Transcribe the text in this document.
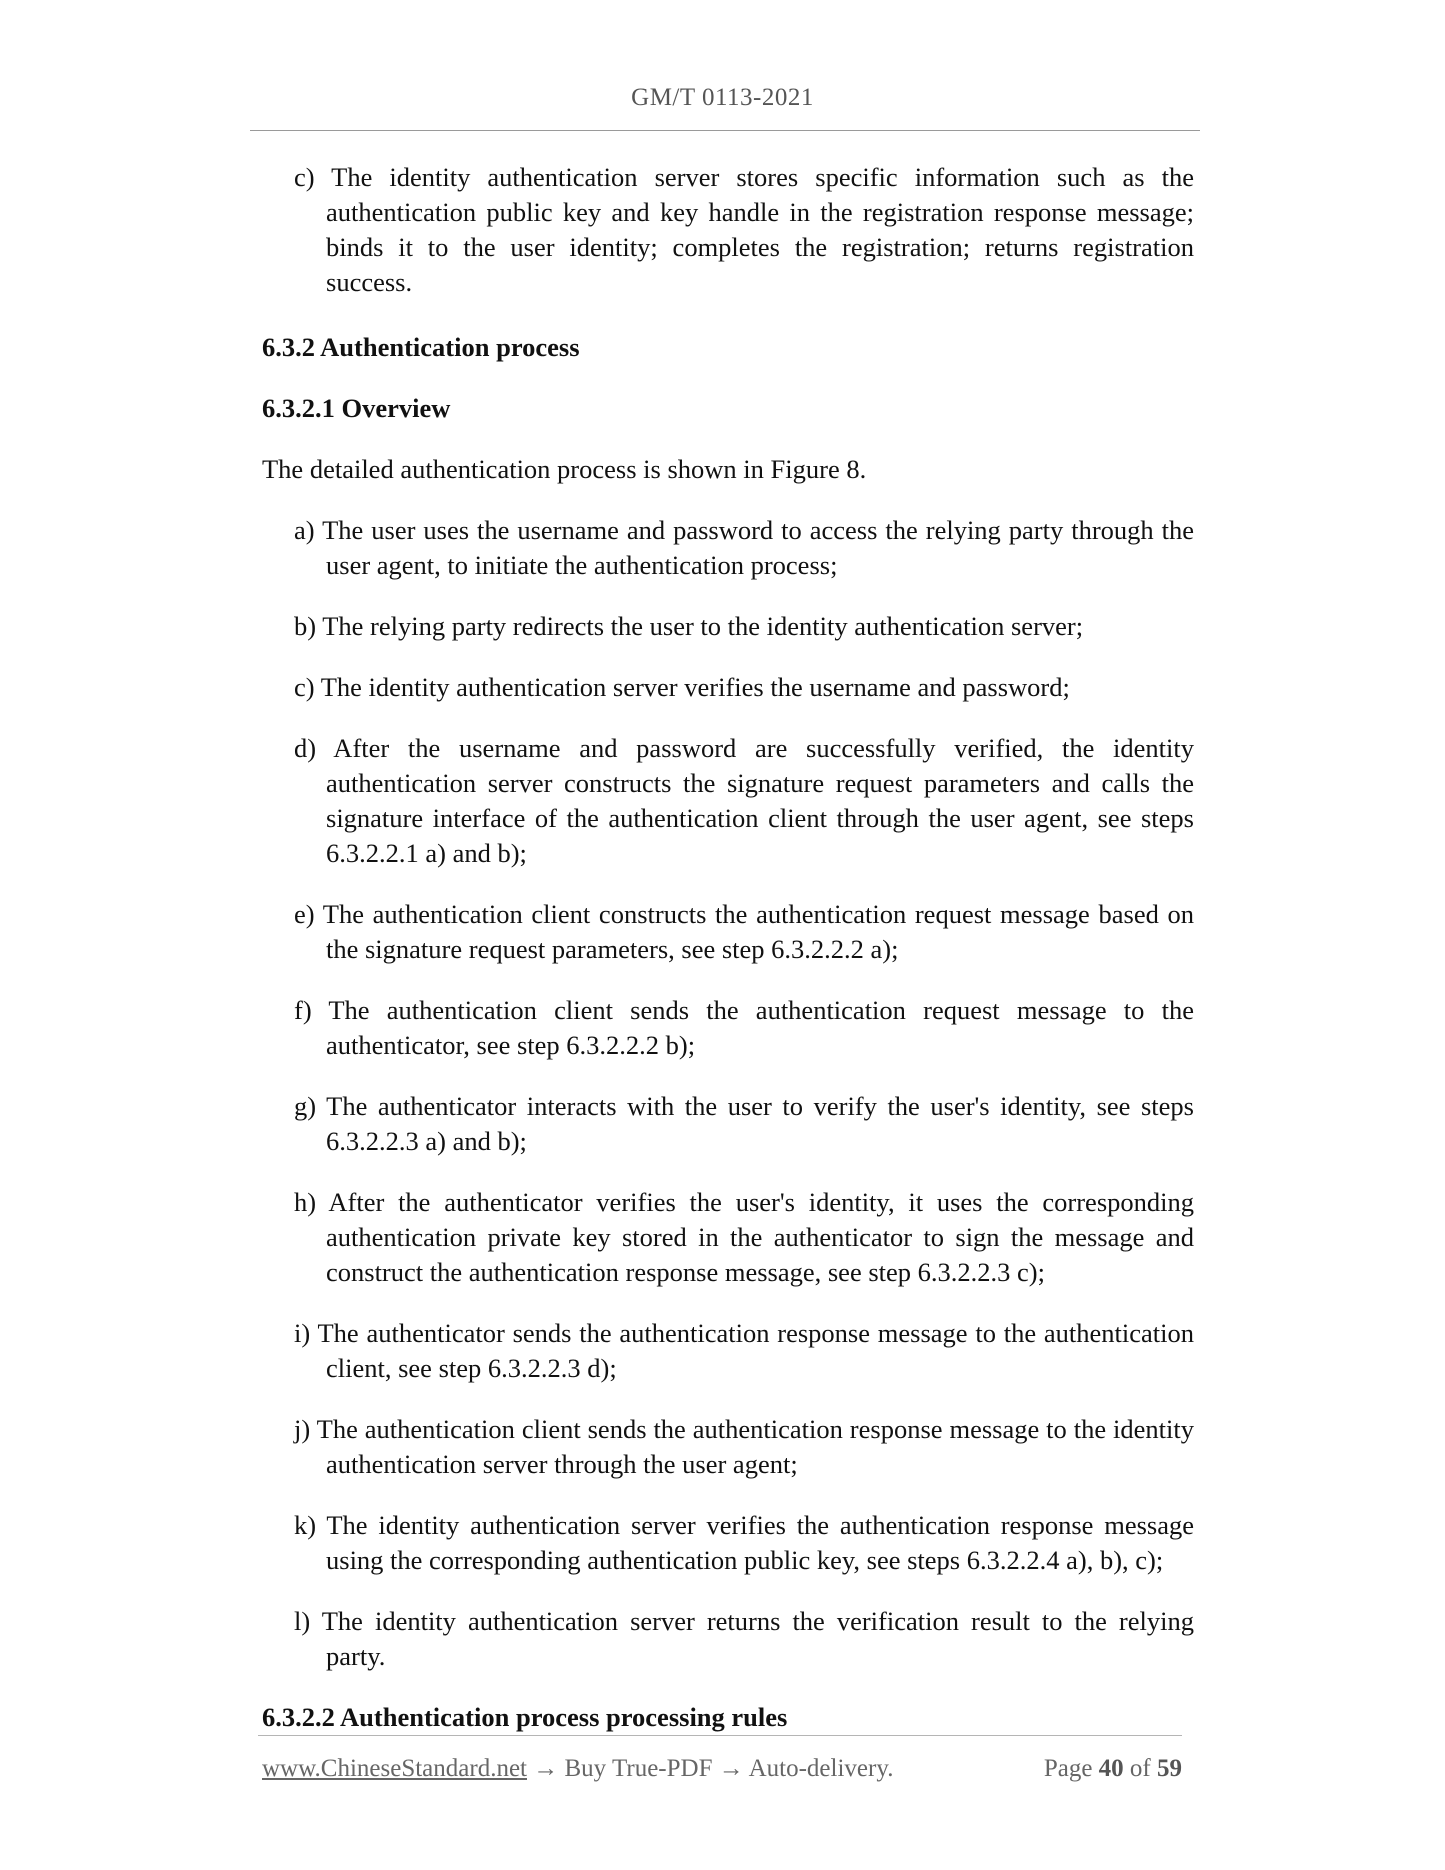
GM/T 0113-2021
c) The identity authentication server stores specific information such as the authentication public key and key handle in the registration response message; binds it to the user identity; completes the registration; returns registration success.
6.3.2 Authentication process
6.3.2.1 Overview
The detailed authentication process is shown in Figure 8.
a) The user uses the username and password to access the relying party through the user agent, to initiate the authentication process;
b) The relying party redirects the user to the identity authentication server;
c) The identity authentication server verifies the username and password;
d) After the username and password are successfully verified, the identity authentication server constructs the signature request parameters and calls the signature interface of the authentication client through the user agent, see steps 6.3.2.2.1 a) and b);
e) The authentication client constructs the authentication request message based on the signature request parameters, see step 6.3.2.2.2 a);
f) The authentication client sends the authentication request message to the authenticator, see step 6.3.2.2.2 b);
g) The authenticator interacts with the user to verify the user's identity, see steps 6.3.2.2.3 a) and b);
h) After the authenticator verifies the user's identity, it uses the corresponding authentication private key stored in the authenticator to sign the message and construct the authentication response message, see step 6.3.2.2.3 c);
i) The authenticator sends the authentication response message to the authentication client, see step 6.3.2.2.3 d);
j) The authentication client sends the authentication response message to the identity authentication server through the user agent;
k) The identity authentication server verifies the authentication response message using the corresponding authentication public key, see steps 6.3.2.2.4 a), b), c);
l) The identity authentication server returns the verification result to the relying party.
6.3.2.2 Authentication process processing rules
www.ChineseStandard.net → Buy True-PDF → Auto-delivery.	Page 40 of 59
